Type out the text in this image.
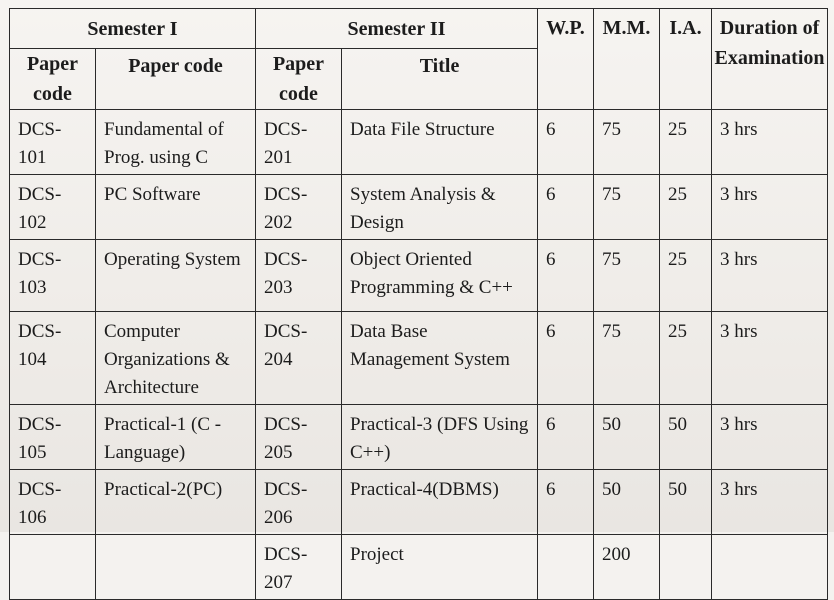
Semester I		Semester II		W.P.	M.M.	I.A.	Duration of Examination
Paper code	Paper code	Paper code	Title				

DCS-101	Fundamental of Prog. using C	DCS-201	Data File Structure	6	75	25	3 hrs

DCS-102	PC Software	DCS-202	System Analysis & Design	6	75	25	3 hrs

DCS-103	Operating System	DCS-203	Object Oriented Programming & C++	6	75	25	3 hrs

DCS-104	Computer Organizations & Architecture	DCS-204	Data Base Management System	6	75	25	3 hrs

DCS-105	Practical-1 (C -Language)	DCS-205	Practical-3 (DFS Using C++)	6	50	50	3 hrs

DCS-106	Practical-2(PC)	DCS-206	Practical-4(DBMS)	6	50	50	3 hrs

		DCS-207	Project		200		
